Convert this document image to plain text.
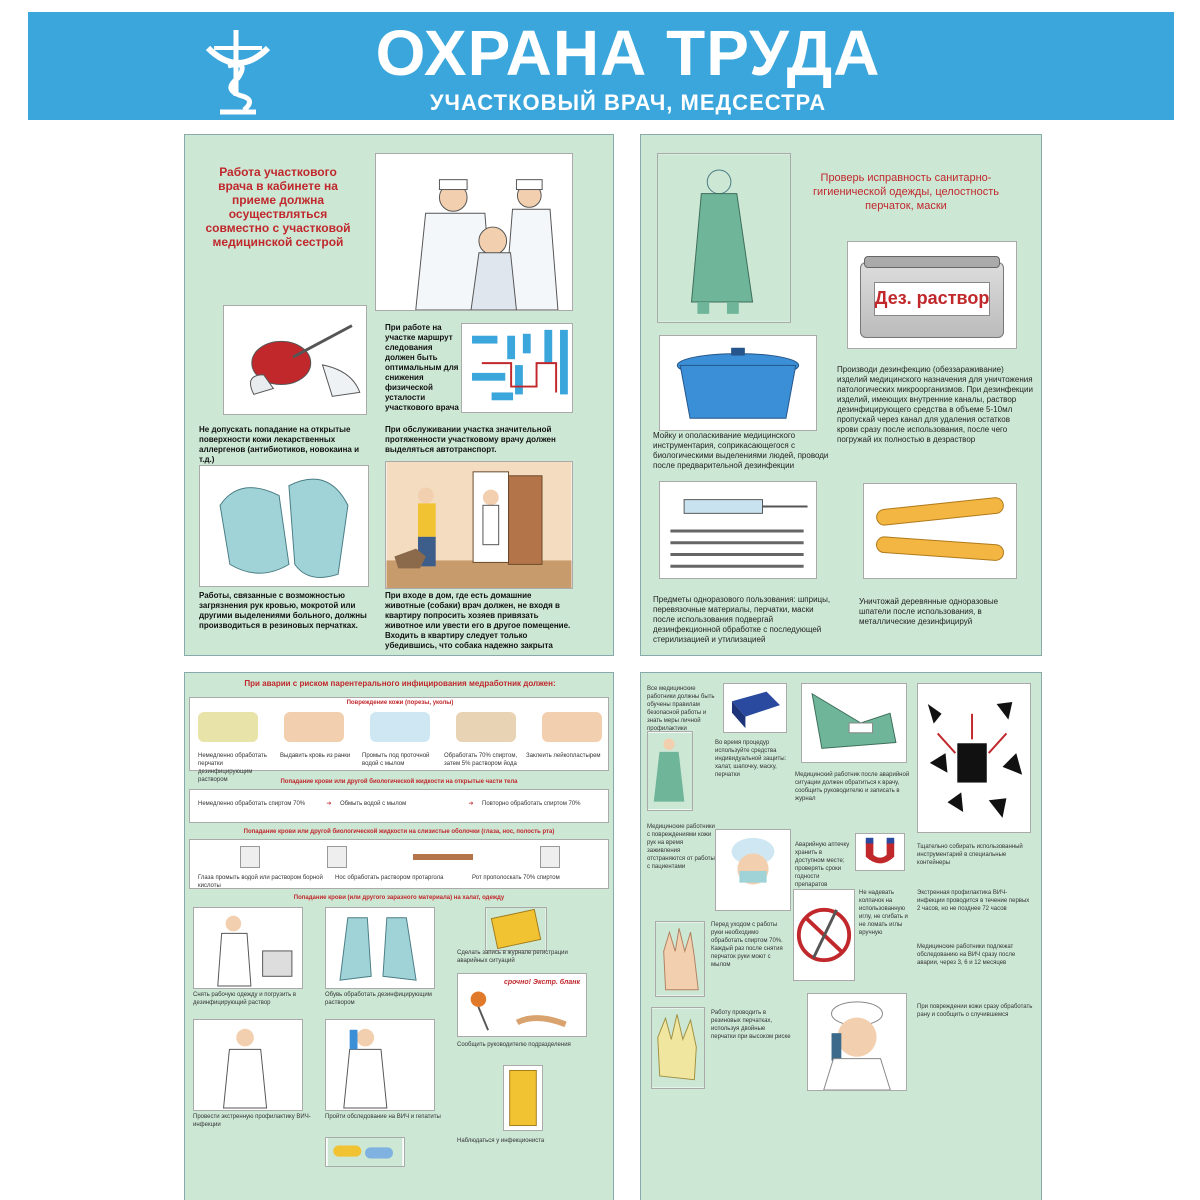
ОХРАНА ТРУДА
УЧАСТКОВЫЙ ВРАЧ, МЕДСЕСТРА
Работа участкового врача в кабинете на приеме должна осуществляться совместно с участковой медицинской сестрой
При работе на участке маршрут следования должен быть оптимальным для снижения физической усталости участкового врача
Не допускать попадание на открытые поверхности кожи лекарственных аллергенов (антибиотиков, новокаина и т.д.)
При обслуживании участка значительной протяженности участковому врачу должен выделяться автотранспорт.
Работы, связанные с возможностью загрязнения рук кровью, мокротой или другими выделениями больного, должны производиться в резиновых перчатках.
При входе в дом, где есть домашние животные (собаки) врач должен, не входя в квартиру попросить хозяев привязать животное или увести его в другое помещение. Входить в квартиру следует только убедившись, что собака надежно закрыта
Проверь исправность санитарно-гигиенической одежды, целостность перчаток, маски
Дез. раствор
Мойку и ополаскивание медицинского инструментария, соприкасающегося с биологическими выделениями людей, проводи после предварительной дезинфекции
Производи дезинфекцию (обеззараживание) изделий медицинского назначения для уничтожения патологических микроорганизмов. При дезинфекции изделий, имеющих внутренние каналы, раствор дезинфицирующего средства в объеме 5-10мл пропускай через канал для удаления остатков крови сразу после использования, после чего погружай их полностью в дезраствор
Предметы одноразового пользования: шприцы, перевязочные материалы, перчатки, маски после использования подвергай дезинфекционной обработке с последующей стерилизацией и утилизацией
Уничтожай деревянные одноразовые шпатели после использования, в металлические дезинфицируй
При аварии с риском парентерального инфицирования медработник должен:
Повреждение кожи (порезы, уколы)
Немедленно обработать перчатки дезинфицирующим раствором
Выдавить кровь из ранки	Промыть под проточной водой с мылом
Обработать 70% спиртом, затем 5% раствором йода
Заклеить лейкопластырем
Попадание крови или другой биологической жидкости на открытые части тела
Немедленно обработать спиртом 70%	➔ Обмыть водой с мылом	➔ Повторно обработать спиртом 70%
Попадание крови или другой биологической жидкости на слизистые оболочки (глаза, нос, полость рта)
Глаза промыть водой или раствором борной кислоты
Нос обработать раствором протаргола	Рот прополоскать 70% спиртом
Попадание крови (или другого заразного материала) на халат, одежду
Снять рабочую одежду и погрузить в дезинфицирующий раствор
Обувь обработать дезинфицирующим раствором
Сделать запись в журнале регистрации аварийных ситуаций
срочно! Экстр. бланк
Сообщить руководителю подразделения
Провести экстренную профилактику ВИЧ-инфекции
Пройти обследование на ВИЧ и гепатиты
Наблюдаться у инфекциониста
Все медицинские работники должны быть обучены правилам безопасной работы и знать меры личной профилактики
Во время процедур используйте средства индивидуальной защиты: халат, шапочку, маску, перчатки	Медицинский работник после аварийной ситуации должен обратиться к врачу, сообщить руководителю и записать в журнал
Медицинские работники с повреждениями кожи рук на время заживления отстраняются от работы с пациентами
Аварийную аптечку хранить в доступном месте; проверять сроки годности препаратов
Тщательно собирать использованный инструментарий в специальные контейнеры
Перед уходом с работы руки необходимо обработать спиртом 70%. Каждый раз после снятия перчаток руки моют с мылом
Не надевать колпачок на использованную иглу, не сгибать и не ломать иглы вручную
Экстренная профилактика ВИЧ-инфекции проводится в течение первых 2 часов, но не позднее 72 часов
Медицинские работники подлежат обследованию на ВИЧ сразу после аварии, через 3, 6 и 12 месяцев
Работу проводить в резиновых перчатках, используя двойные перчатки при высоком риске
При повреждении кожи сразу обработать рану и сообщить о случившемся
